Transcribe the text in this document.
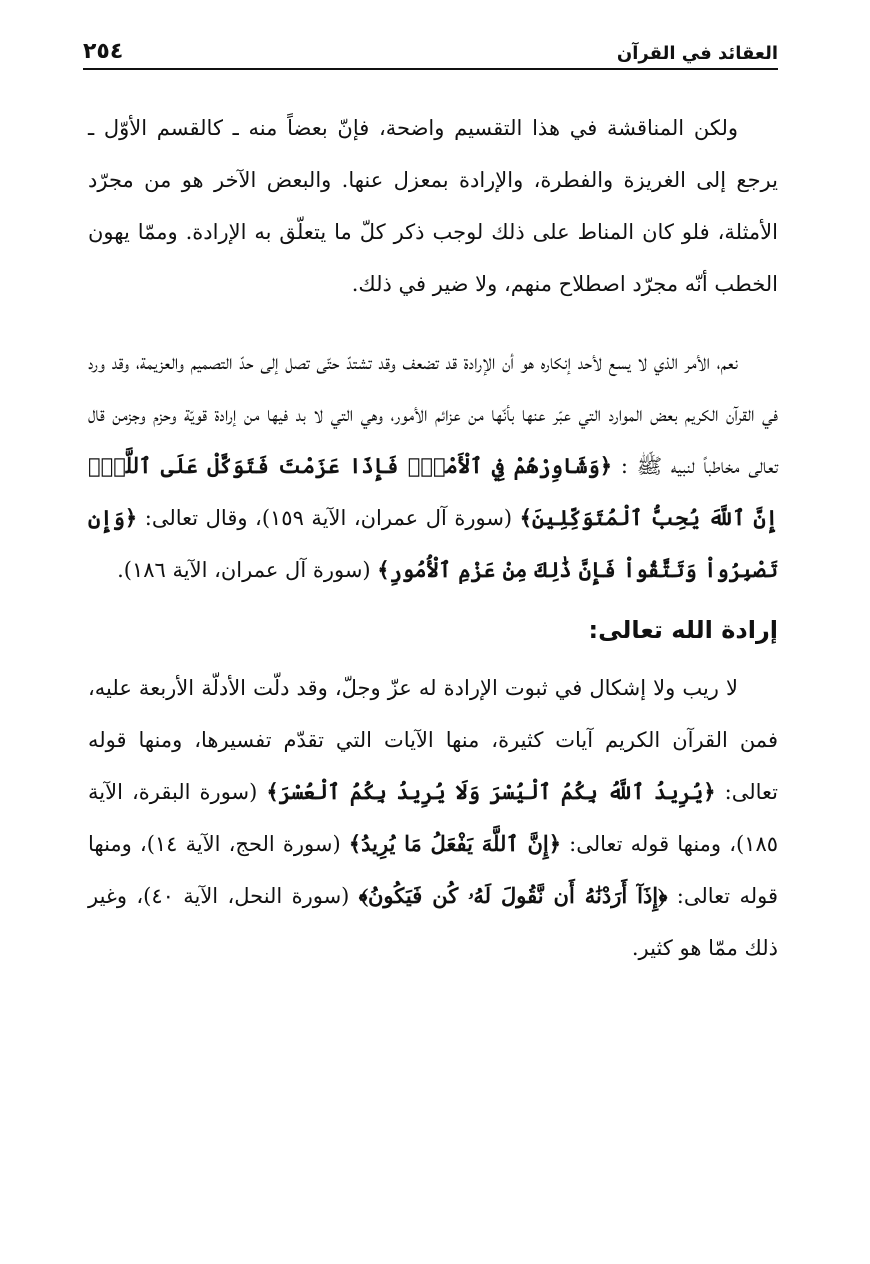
العقائد في القرآن
٢٥٤

ولكن المناقشة في هذا التقسيم واضحة، فإنّ بعضاً منه ـ كالقسم الأوّل ـ يرجع إلى الغريزة والفطرة، والإرادة بمعزل عنها. والبعض الآخر هو من مجرّد الأمثلة، فلو كان المناط على ذلك لوجب ذكر كلّ ما يتعلّق به الإرادة. وممّا يهون الخطب أنّه مجرّد اصطلاح منهم، ولا ضير في ذلك.

نعم، الأمر الذي لا يسع لأحد إنكاره هو أن الإرادة قد تضعف وقد تشتدّ حتّى تصل إلى حدّ التصميم والعزيمة، وقد ورد في القرآن الكريم بعض الموارد التي عبّر عنها بأنّها من عزائم الأمور، وهي التي لا بد فيها من إرادة قويّة وحزم وجزمن قال تعالى مخاطباً لنبيه ﷺ : ﴿وَشَاوِرْهُمْ فِي ٱلْأَمْرِۖ فَإِذَا عَزَمْتَ فَتَوَكَّلْ عَلَى ٱللَّهِۚ إِنَّ ٱللَّهَ يُحِبُّ ٱلْمُتَوَكِّلِينَ﴾ (سورة آل عمران، الآية ١٥٩)، وقال تعالى: ﴿وَإِن تَصْبِرُواْ وَتَتَّقُواْ فَإِنَّ ذَٰلِكَ مِنْ عَزْمِ ٱلْأُمُورِ﴾ (سورة آل عمران، الآية ١٨٦).

إرادة الله تعالى:

لا ريب ولا إشكال في ثبوت الإرادة له عزّ وجلّ، وقد دلّت الأدلّة الأربعة عليه، فمن القرآن الكريم آيات كثيرة، منها الآيات التي تقدّم تفسيرها، ومنها قوله تعالى: ﴿يُرِيدُ ٱللَّهُ بِكُمُ ٱلْيُسْرَ وَلَا يُرِيدُ بِكُمُ ٱلْعُسْرَ﴾ (سورة البقرة، الآية ١٨٥)، ومنها قوله تعالى: ﴿إِنَّ ٱللَّهَ يَفْعَلُ مَا يُرِيدُ﴾ (سورة الحج، الآية ١٤)، ومنها قوله تعالى: ﴿إِذَآ أَرَدْنَٰهُ أَن نَّقُولَ لَهُۥ كُن فَيَكُونُ﴾ (سورة النحل، الآية ٤٠)، وغير ذلك ممّا هو كثير.
